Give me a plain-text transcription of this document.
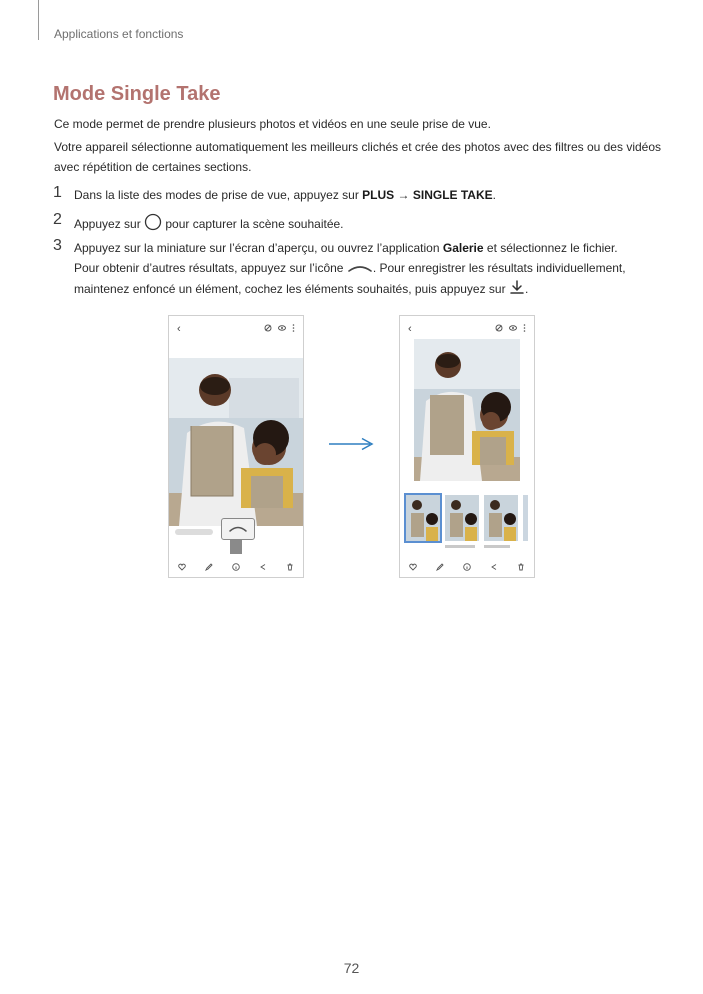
Applications et fonctions
Mode Single Take
Ce mode permet de prendre plusieurs photos et vidéos en une seule prise de vue.
Votre appareil sélectionne automatiquement les meilleurs clichés et crée des photos avec des filtres ou des vidéos avec répétition de certaines sections.
1 Dans la liste des modes de prise de vue, appuyez sur PLUS → SINGLE TAKE.
2 Appuyez sur  pour capturer la scène souhaitée.
3 Appuyez sur la miniature sur l’écran d’aperçu, ou ouvrez l’application Galerie et sélectionnez le fichier.
Pour obtenir d’autres résultats, appuyez sur l’icône . Pour enregistrer les résultats individuellement, maintenez enfoncé un élément, cochez les éléments souhaités, puis appuyez sur .
‹	‹
72
